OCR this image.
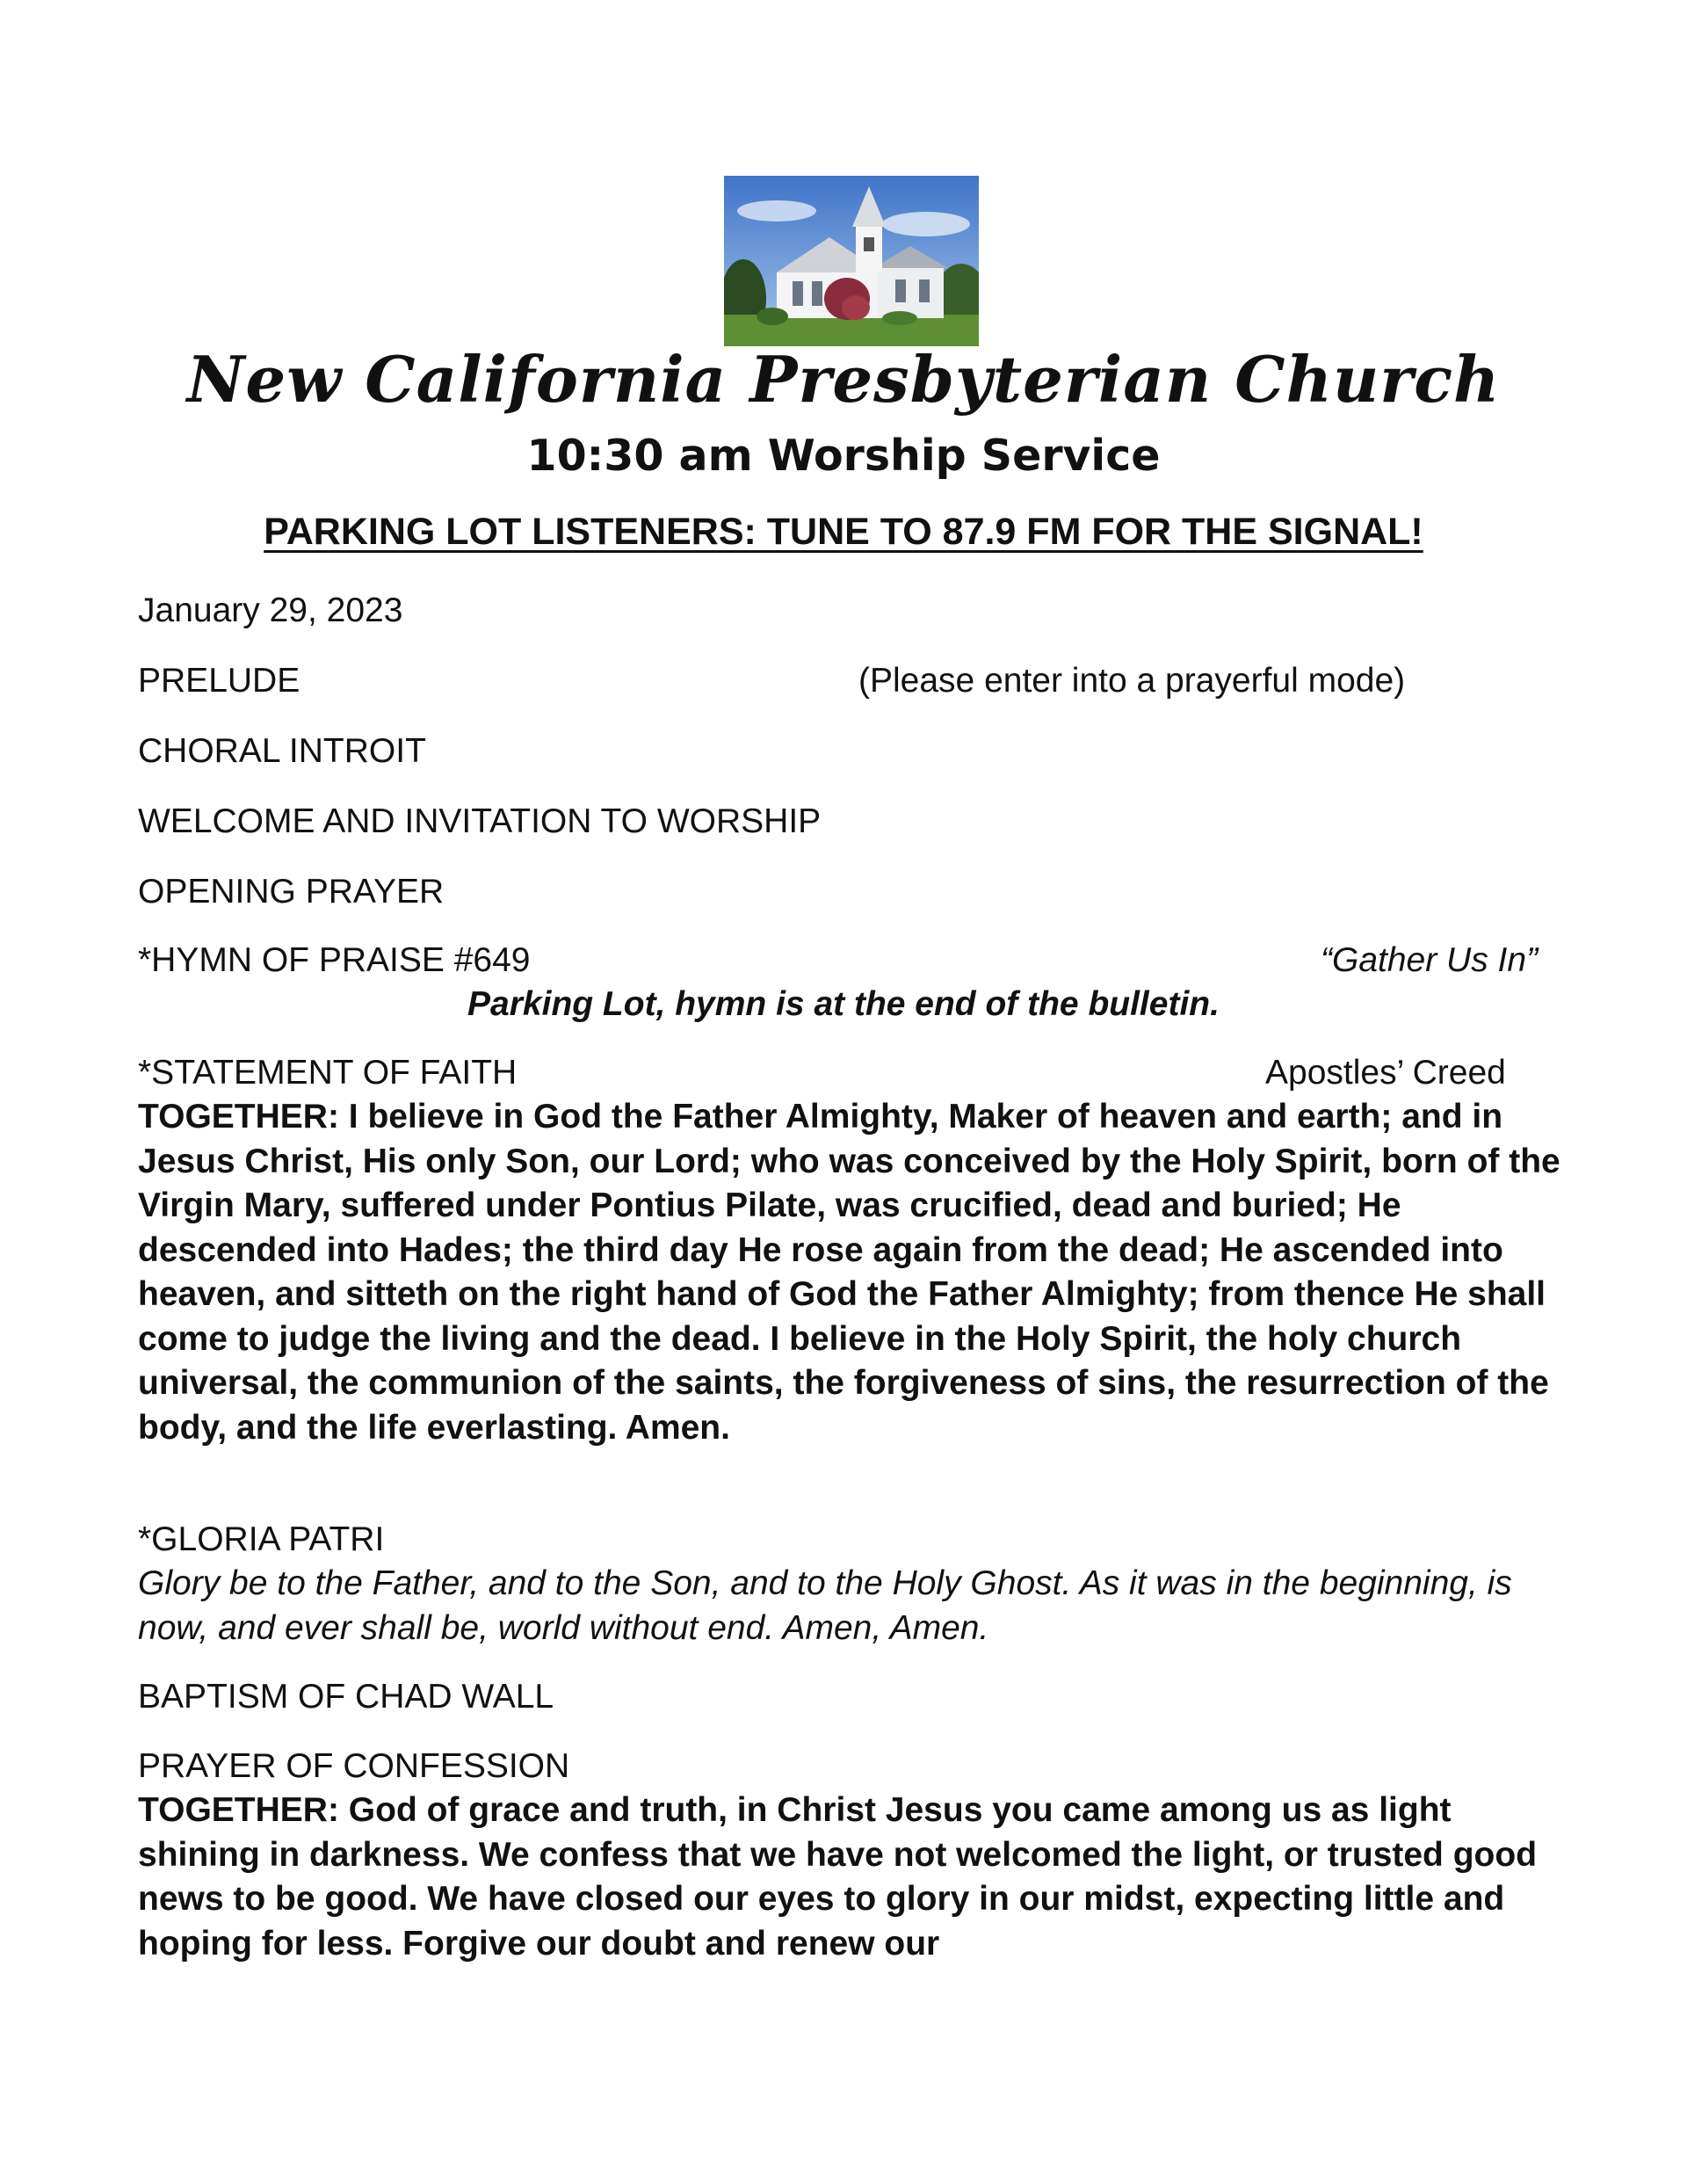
New California Presbyterian Church
10:30 am Worship Service

PARKING LOT LISTENERS: TUNE TO 87.9 FM FOR THE SIGNAL!

January 29, 2023

PRELUDE	(Please enter into a prayerful mode)

CHORAL INTROIT

WELCOME AND INVITATION TO WORSHIP

OPENING PRAYER

*HYMN OF PRAISE #649	“Gather Us In”

Parking Lot, hymn is at the end of the bulletin.

*STATEMENT OF FAITH	Apostles’ Creed

TOGETHER: I believe in God the Father Almighty, Maker of heaven and earth; and in Jesus Christ, His only Son, our Lord; who was conceived by the Holy Spirit, born of the Virgin Mary, suffered under Pontius Pilate, was crucified, dead and buried; He descended into Hades; the third day He rose again from the dead; He ascended into heaven, and sitteth on the right hand of God the Father Almighty; from thence He shall come to judge the living and the dead. I believe in the Holy Spirit, the holy church universal, the communion of the saints, the forgiveness of sins, the resurrection of the body, and the life everlasting. Amen.

*GLORIA PATRI

Glory be to the Father, and to the Son, and to the Holy Ghost. As it was in the beginning, is now, and ever shall be, world without end. Amen, Amen.

BAPTISM OF CHAD WALL

PRAYER OF CONFESSION

TOGETHER: God of grace and truth, in Christ Jesus you came among us as light shining in darkness. We confess that we have not welcomed the light, or trusted good news to be good. We have closed our eyes to glory in our midst, expecting little and hoping for less. Forgive our doubt and renew our
